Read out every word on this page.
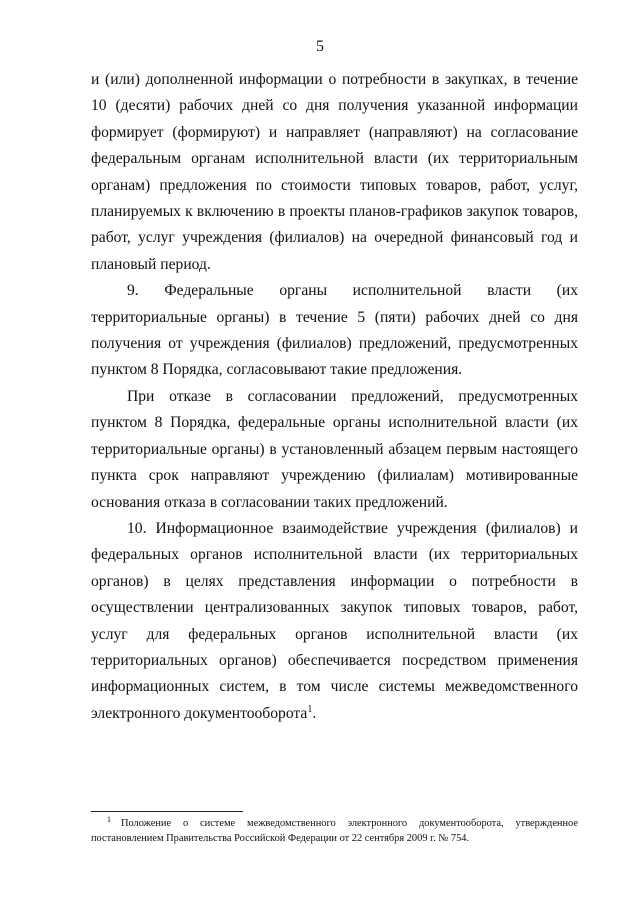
5

и (или) дополненной информации о потребности в закупках, в течение 10 (десяти) рабочих дней со дня получения указанной информации формирует (формируют) и направляет (направляют) на согласование федеральным органам исполнительной власти (их территориальным органам) предложения по стоимости типовых товаров, работ, услуг, планируемых к включению в проекты планов-графиков закупок товаров, работ, услуг учреждения (филиалов) на очередной финансовый год и плановый период.

9. Федеральные органы исполнительной власти (их территориальные органы) в течение 5 (пяти) рабочих дней со дня получения от учреждения (филиалов) предложений, предусмотренных пунктом 8 Порядка, согласовывают такие предложения.

При отказе в согласовании предложений, предусмотренных пунктом 8 Порядка, федеральные органы исполнительной власти (их территориальные органы) в установленный абзацем первым настоящего пункта срок направляют учреждению (филиалам) мотивированные основания отказа в согласовании таких предложений.

10. Информационное взаимодействие учреждения (филиалов) и федеральных органов исполнительной власти (их территориальных органов) в целях представления информации о потребности в осуществлении централизованных закупок типовых товаров, работ, услуг для федеральных органов исполнительной власти (их территориальных органов) обеспечивается посредством применения информационных систем, в том числе системы межведомственного электронного документооборота$^1$.

$^1$ Положение о системе межведомственного электронного документооборота, утвержденное постановлением Правительства Российской Федерации от 22 сентября 2009 г. № 754.
